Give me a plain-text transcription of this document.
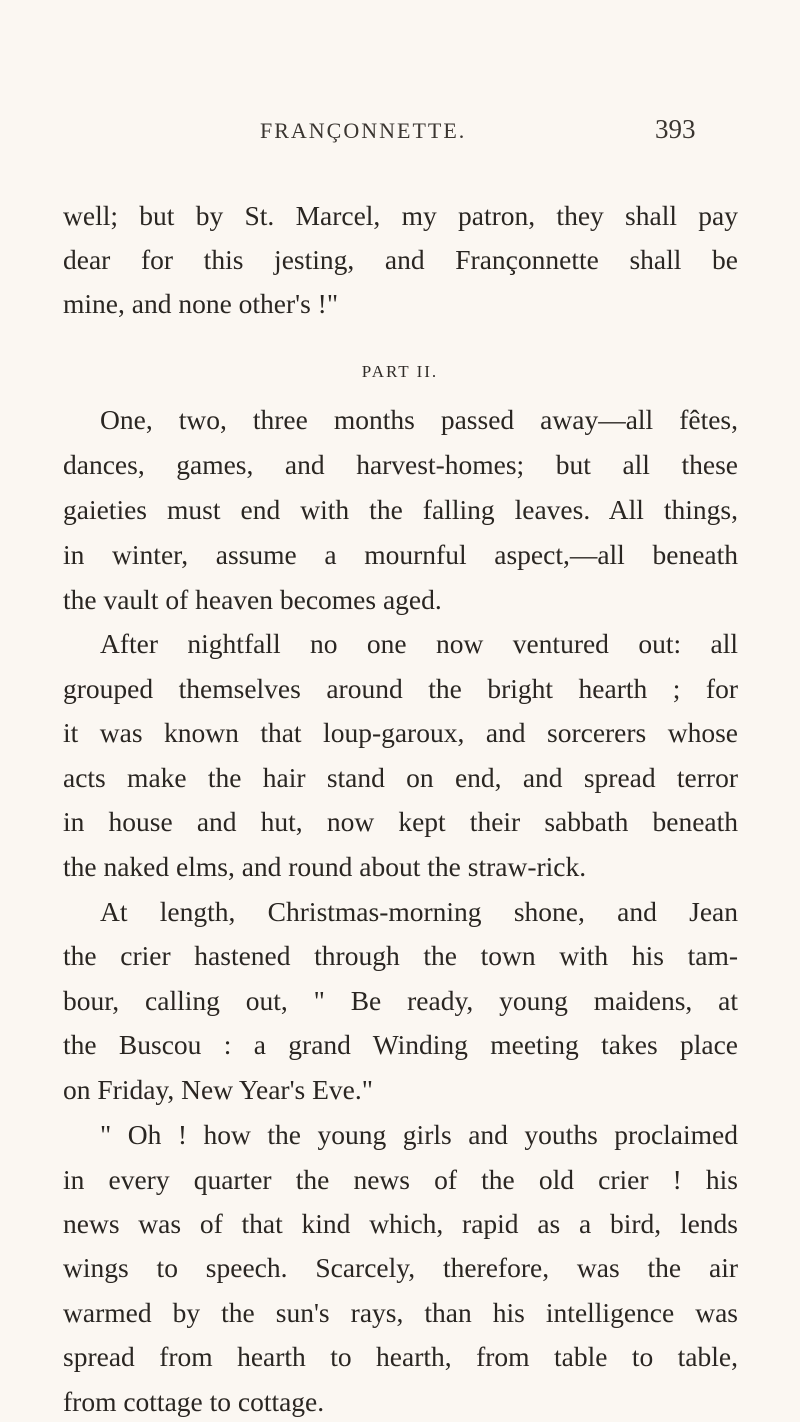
FRANÇONNETTE.	393
well; but by St. Marcel, my patron, they shall pay
dear for this jesting, and Françonnette shall be
mine, and none other's !"
PART II.
One, two, three months passed away—all fêtes,
dances, games, and harvest-homes; but all these
gaieties must end with the falling leaves. All things,
in winter, assume a mournful aspect,—all beneath
the vault of heaven becomes aged.
After nightfall no one now ventured out: all
grouped themselves around the bright hearth ; for
it was known that loup-garoux, and sorcerers whose
acts make the hair stand on end, and spread terror
in house and hut, now kept their sabbath beneath
the naked elms, and round about the straw-rick.
At length, Christmas-morning shone, and Jean
the crier hastened through the town with his tam-
bour, calling out, " Be ready, young maidens, at
the Buscou : a grand Winding meeting takes place
on Friday, New Year's Eve."
" Oh ! how the young girls and youths proclaimed
in every quarter the news of the old crier ! his
news was of that kind which, rapid as a bird, lends
wings to speech. Scarcely, therefore, was the air
warmed by the sun's rays, than his intelligence was
spread from hearth to hearth, from table to table,
from cottage to cottage.
